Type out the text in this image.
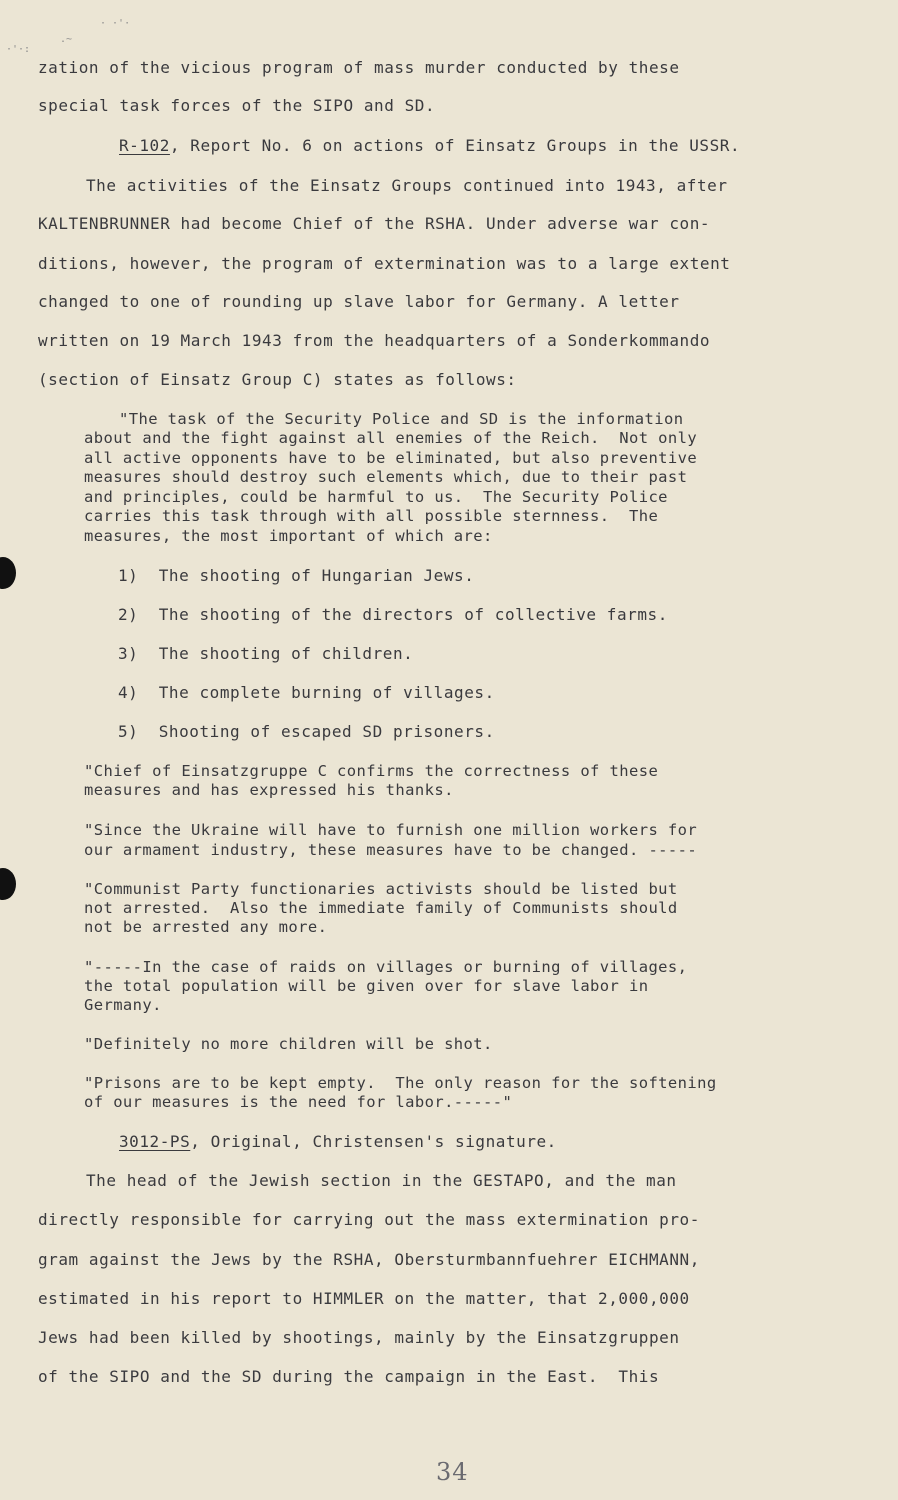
·'·:
.~
· ·'·
zation of the vicious program of mass murder conducted by these
special task forces of the SIPO and SD.
R-102, Report No. 6 on actions of Einsatz Groups in the USSR.
The activities of the Einsatz Groups continued into 1943, after
KALTENBRUNNER had become Chief of the RSHA. Under adverse war con-
ditions, however, the program of extermination was to a large extent
changed to one of rounding up slave labor for Germany. A letter
written on 19 March 1943 from the headquarters of a Sonderkommando
(section of Einsatz Group C) states as follows:
"The task of the Security Police and SD is the information
about and the fight against all enemies of the Reich.  Not only
all active opponents have to be eliminated, but also preventive
measures should destroy such elements which, due to their past
and principles, could be harmful to us.  The Security Police
carries this task through with all possible sternness.  The
measures, the most important of which are:
1) The shooting of Hungarian Jews.
2) The shooting of the directors of collective farms.
3) The shooting of children.
4) The complete burning of villages.
5) Shooting of escaped SD prisoners.
"Chief of Einsatzgruppe C confirms the correctness of these
measures and has expressed his thanks.
"Since the Ukraine will have to furnish one million workers for
our armament industry, these measures have to be changed. -----
"Communist Party functionaries activists should be listed but
not arrested.  Also the immediate family of Communists should
not be arrested any more.
"-----In the case of raids on villages or burning of villages,
the total population will be given over for slave labor in
Germany.
"Definitely no more children will be shot.
"Prisons are to be kept empty.  The only reason for the softening
of our measures is the need for labor.-----"
3012-PS, Original, Christensen's signature.
The head of the Jewish section in the GESTAPO, and the man
directly responsible for carrying out the mass extermination pro-
gram against the Jews by the RSHA, Obersturmbannfuehrer EICHMANN,
estimated in his report to HIMMLER on the matter, that 2,000,000
Jews had been killed by shootings, mainly by the Einsatzgruppen
of the SIPO and the SD during the campaign in the East.  This
34
